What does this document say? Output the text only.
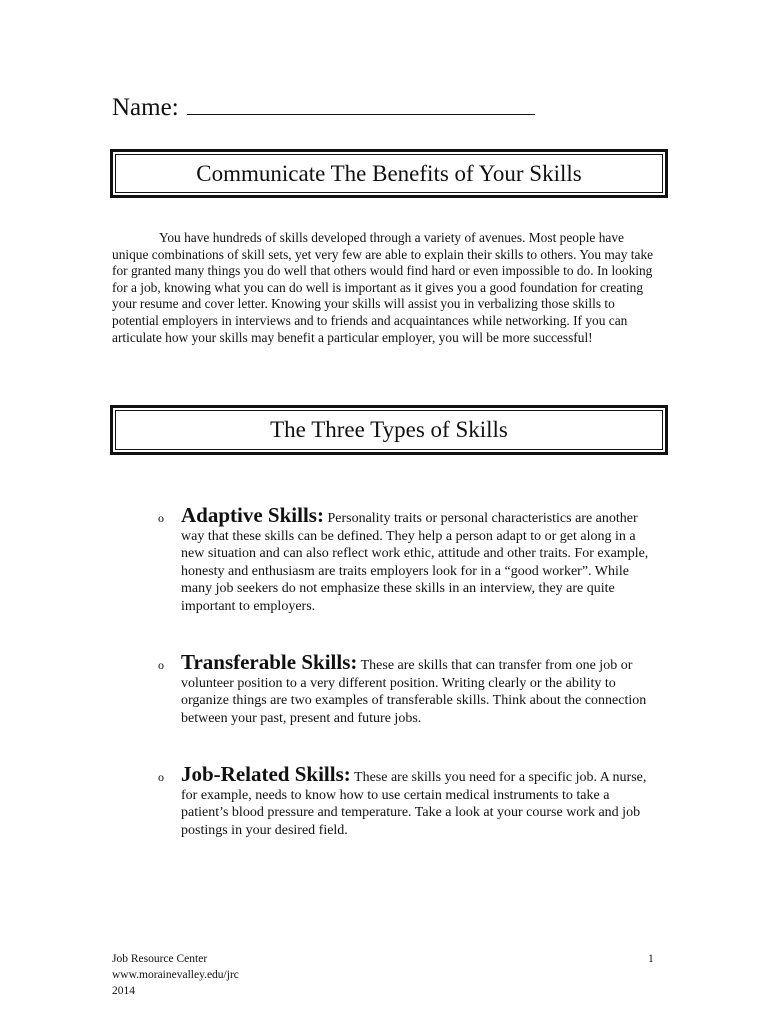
Name:
Communicate The Benefits of Your Skills

You have hundreds of skills developed through a variety of avenues. Most people have unique combinations of skill sets, yet very few are able to explain their skills to others. You may take for granted many things you do well that others would find hard or even impossible to do. In looking for a job, knowing what you can do well is important as it gives you a good foundation for creating your resume and cover letter. Knowing your skills will assist you in verbalizing those skills to potential employers in interviews and to friends and acquaintances while networking. If you can articulate how your skills may benefit a particular employer, you will be more successful!

The Three Types of Skills
o Adaptive Skills: Personality traits or personal characteristics are another way that these skills can be defined. They help a person adapt to or get along in a new situation and can also reflect work ethic, attitude and other traits. For example, honesty and enthusiasm are traits employers look for in a “good worker”. While many job seekers do not emphasize these skills in an interview, they are quite important to employers.
o Transferable Skills: These are skills that can transfer from one job or volunteer position to a very different position. Writing clearly or the ability to organize things are two examples of transferable skills. Think about the connection between your past, present and future jobs.
o Job-Related Skills: These are skills you need for a specific job. A nurse, for example, needs to know how to use certain medical instruments to take a patient’s blood pressure and temperature. Take a look at your course work and job postings in your desired field.
Job Resource Center
www.morainevalley.edu/jrc
2014
1
